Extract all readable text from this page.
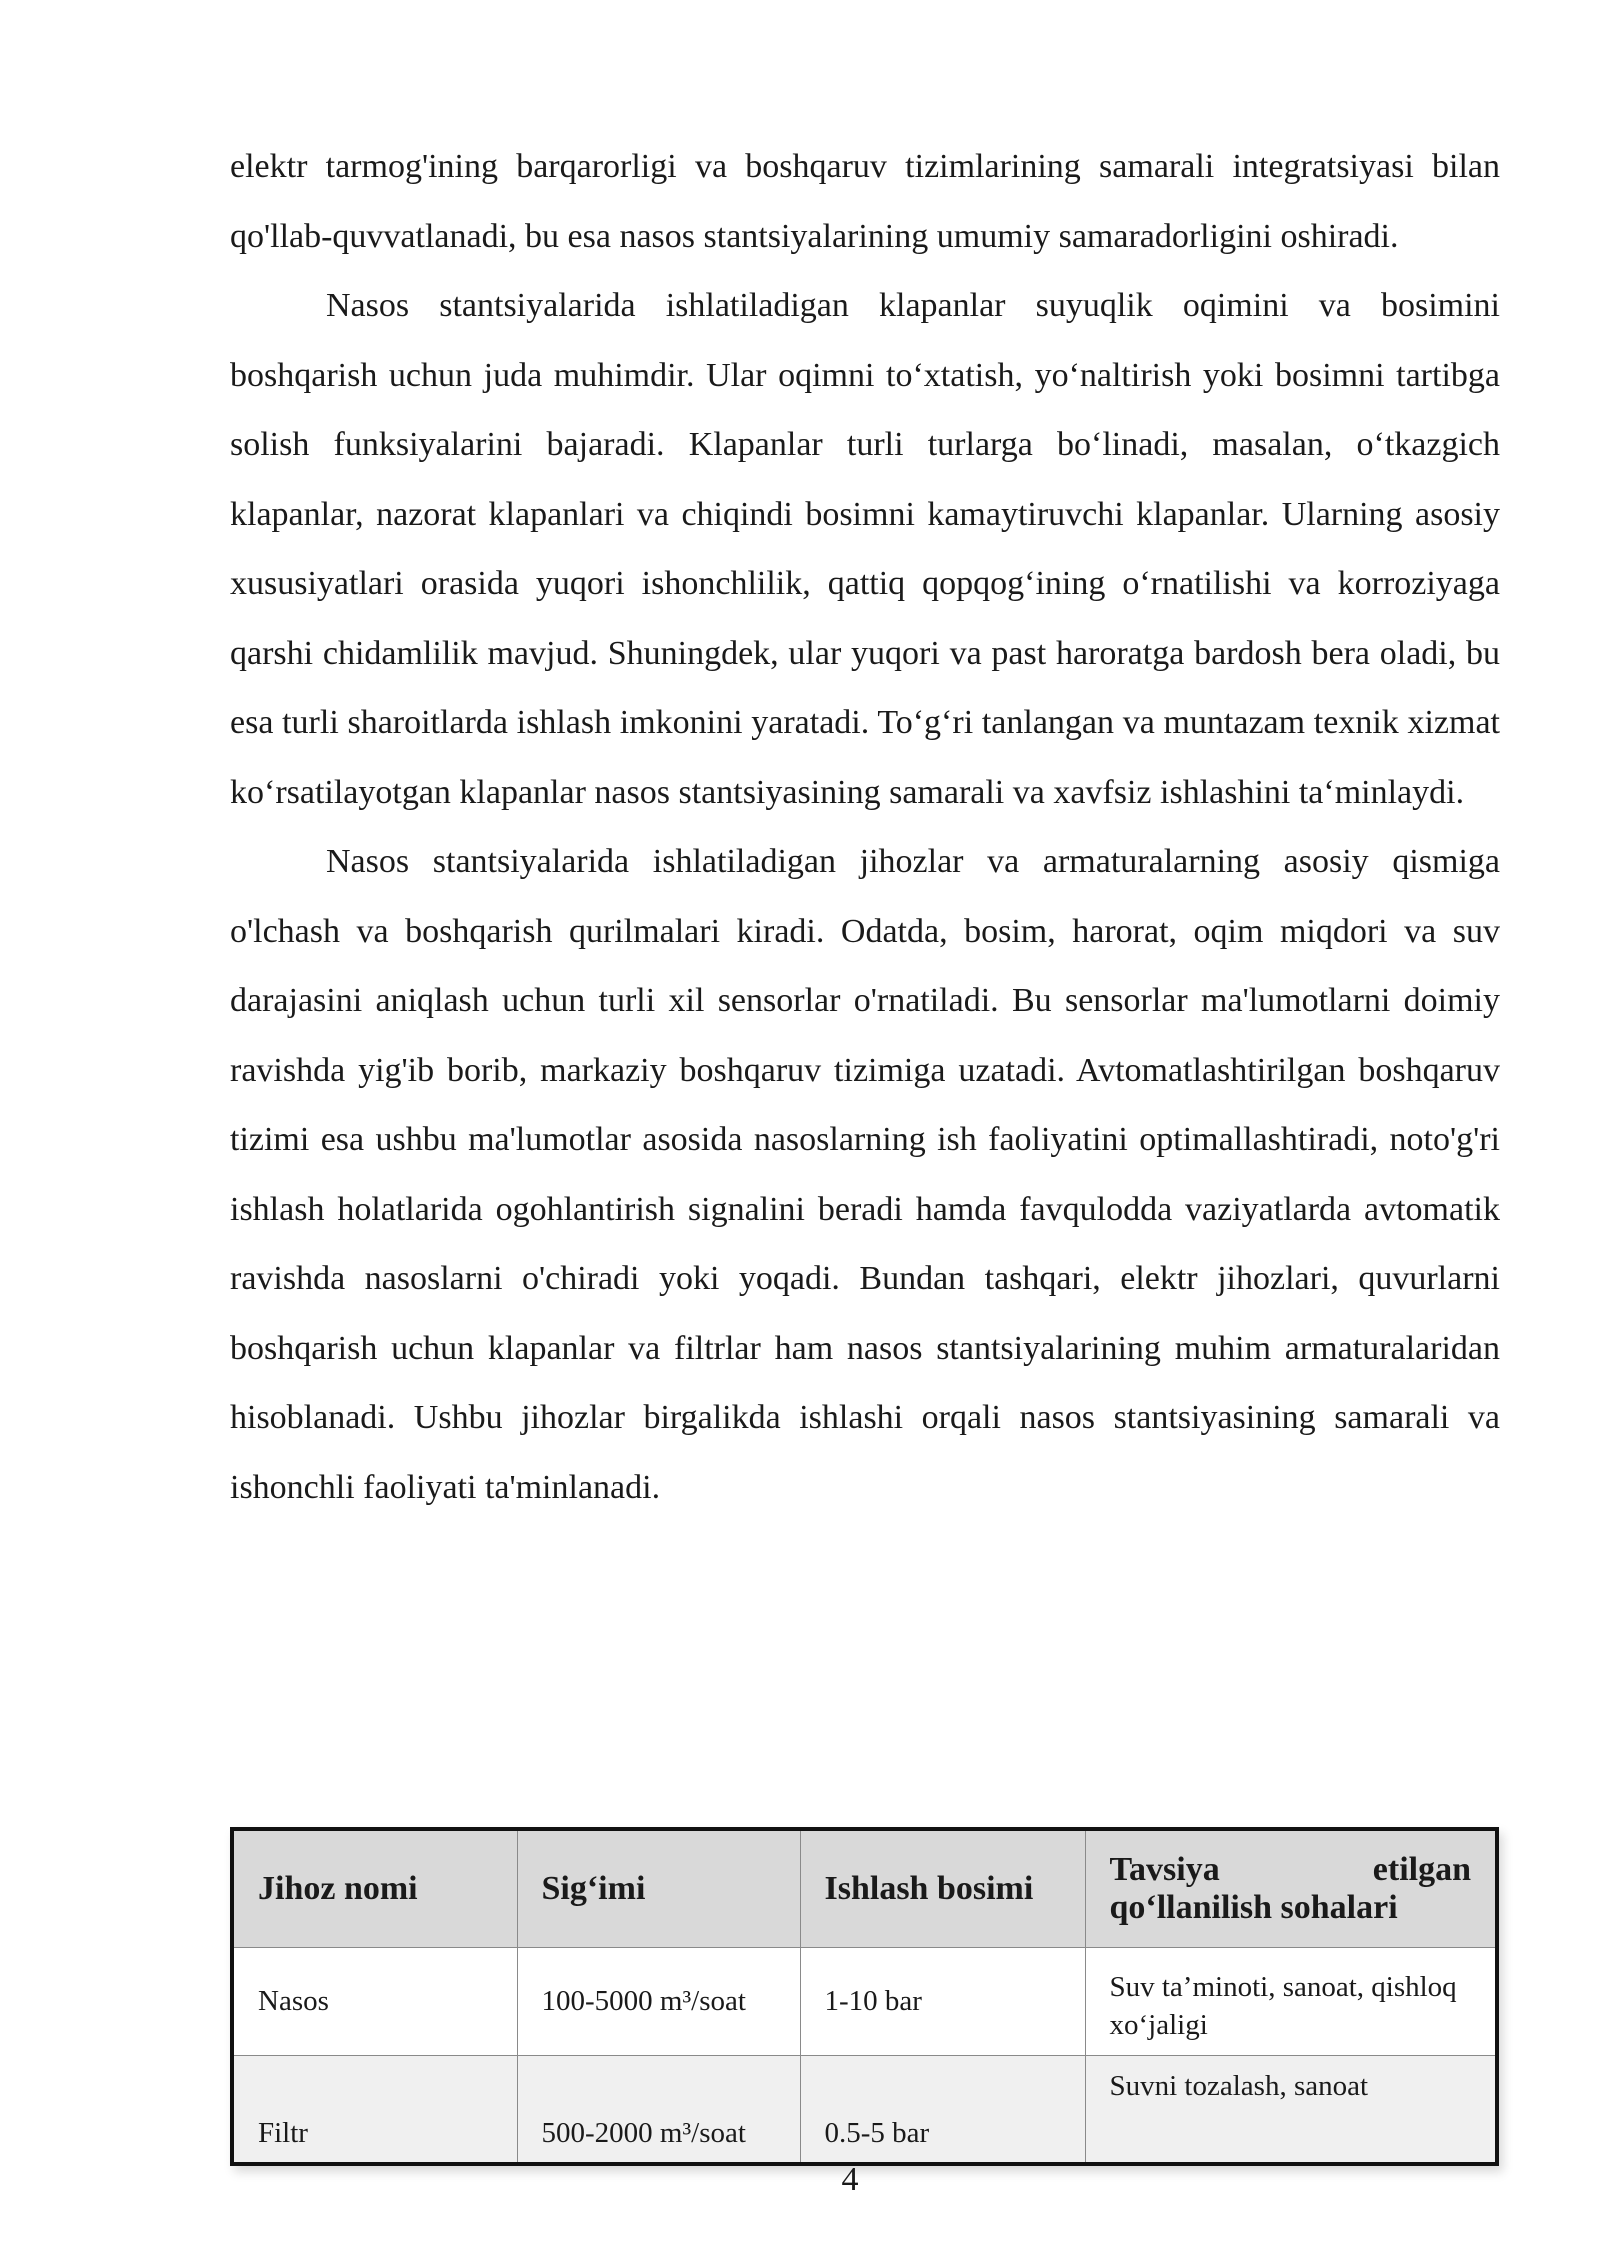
elektr tarmog'ining barqarorligi va boshqaruv tizimlarining samarali integratsiyasi bilan qo'llab-quvvatlanadi, bu esa nasos stantsiyalarining umumiy samaradorligini oshiradi.

Nasos stantsiyalarida ishlatiladigan klapanlar suyuqlik oqimini va bosimini boshqarish uchun juda muhimdir. Ular oqimni to‘xtatish, yo‘naltirish yoki bosimni tartibga solish funksiyalarini bajaradi. Klapanlar turli turlarga bo‘linadi, masalan, o‘tkazgich klapanlar, nazorat klapanlari va chiqindi bosimni kamaytiruvchi klapanlar. Ularning asosiy xususiyatlari orasida yuqori ishonchlilik, qattiq qopqog‘ining o‘rnatilishi va korroziyaga qarshi chidamlilik mavjud. Shuningdek, ular yuqori va past haroratga bardosh bera oladi, bu esa turli sharoitlarda ishlash imkonini yaratadi. To‘g‘ri tanlangan va muntazam texnik xizmat ko‘rsatilayotgan klapanlar nasos stantsiyasining samarali va xavfsiz ishlashini ta‘minlaydi.

Nasos stantsiyalarida ishlatiladigan jihozlar va armaturalarning asosiy qismiga o'lchash va boshqarish qurilmalari kiradi. Odatda, bosim, harorat, oqim miqdori va suv darajasini aniqlash uchun turli xil sensorlar o'rnatiladi. Bu sensorlar ma'lumotlarni doimiy ravishda yig'ib borib, markaziy boshqaruv tizimiga uzatadi. Avtomatlashtirilgan boshqaruv tizimi esa ushbu ma'lumotlar asosida nasoslarning ish faoliyatini optimallashtiradi, noto'g'ri ishlash holatlarida ogohlantirish signalini beradi hamda favqulodda vaziyatlarda avtomatik ravishda nasoslarni o'chiradi yoki yoqadi. Bundan tashqari, elektr jihozlari, quvurlarni boshqarish uchun klapanlar va filtrlar ham nasos stantsiyalarining muhim armaturalaridan hisoblanadi. Ushbu jihozlar birgalikda ishlashi orqali nasos stantsiyasining samarali va ishonchli faoliyati ta'minlanadi.

Jihoz nomi	Sig‘imi	Ishlash bosimi	Tavsiya etilgan
qo‘llanilish sohalari
Nasos	100-5000 m³/soat	1-10 bar	Suv ta’minoti, sanoat, qishloq xo‘jaligi
Filtr	500-2000 m³/soat	0.5-5 bar	Suvni tozalash, sanoat
4
